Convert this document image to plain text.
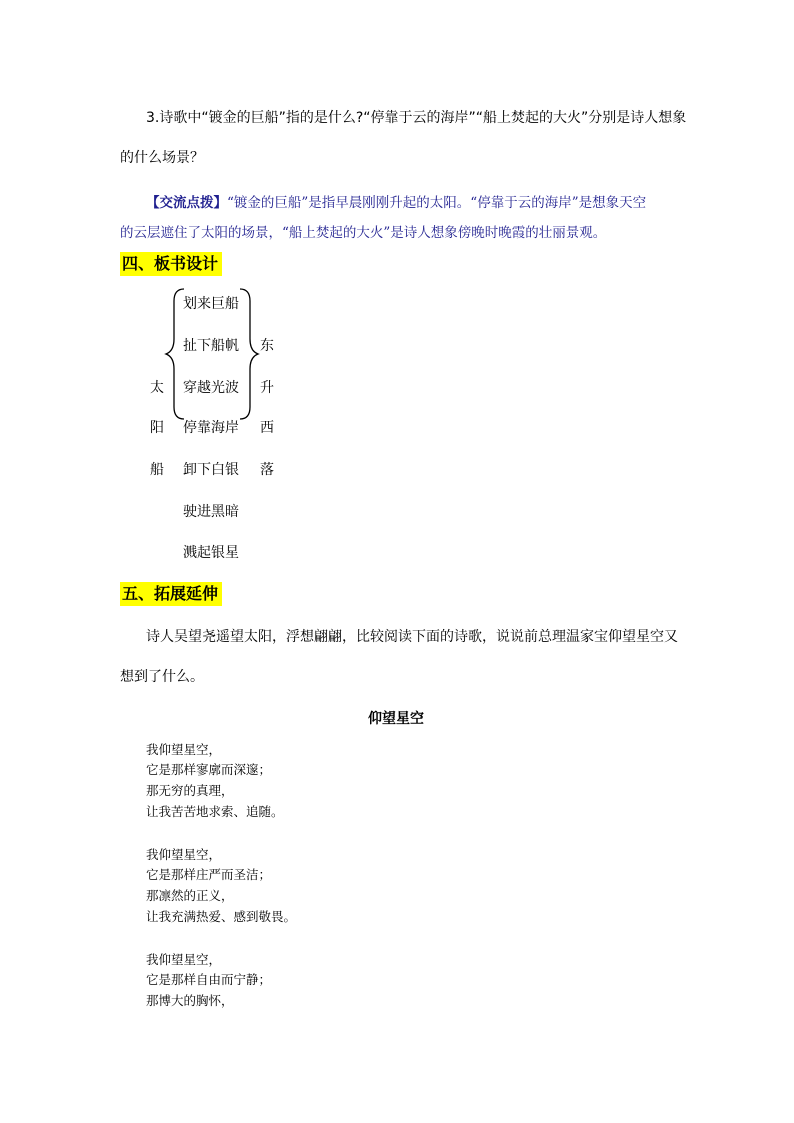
3.诗歌中“镀金的巨船”指的是什么?“停靠于云的海岸”“船上焚起的大火”分别是诗人想象

的什么场景？

【交流点拨】“镀金的巨船”是指早晨刚刚升起的太阳。“停靠于云的海岸”是想象天空

的云层遮住了太阳的场景，“船上焚起的大火”是诗人想象傍晚时晚霞的壮丽景观。

四、板书设计
太
阳
船
划来巨船
扯下船帆
穿越光波
停靠海岸
卸下白银
驶进黑暗
溅起银星
东
升
西
落
五、拓展延伸

诗人吴望尧遥望太阳，浮想翩翩，比较阅读下面的诗歌，说说前总理温家宝仰望星空又

想到了什么。

仰望星空

我仰望星空，

它是那样寥廓而深邃；

那无穷的真理，

让我苦苦地求索、追随。

我仰望星空，

它是那样庄严而圣洁；

那凛然的正义，

让我充满热爱、感到敬畏。

我仰望星空，

它是那样自由而宁静；

那博大的胸怀，
